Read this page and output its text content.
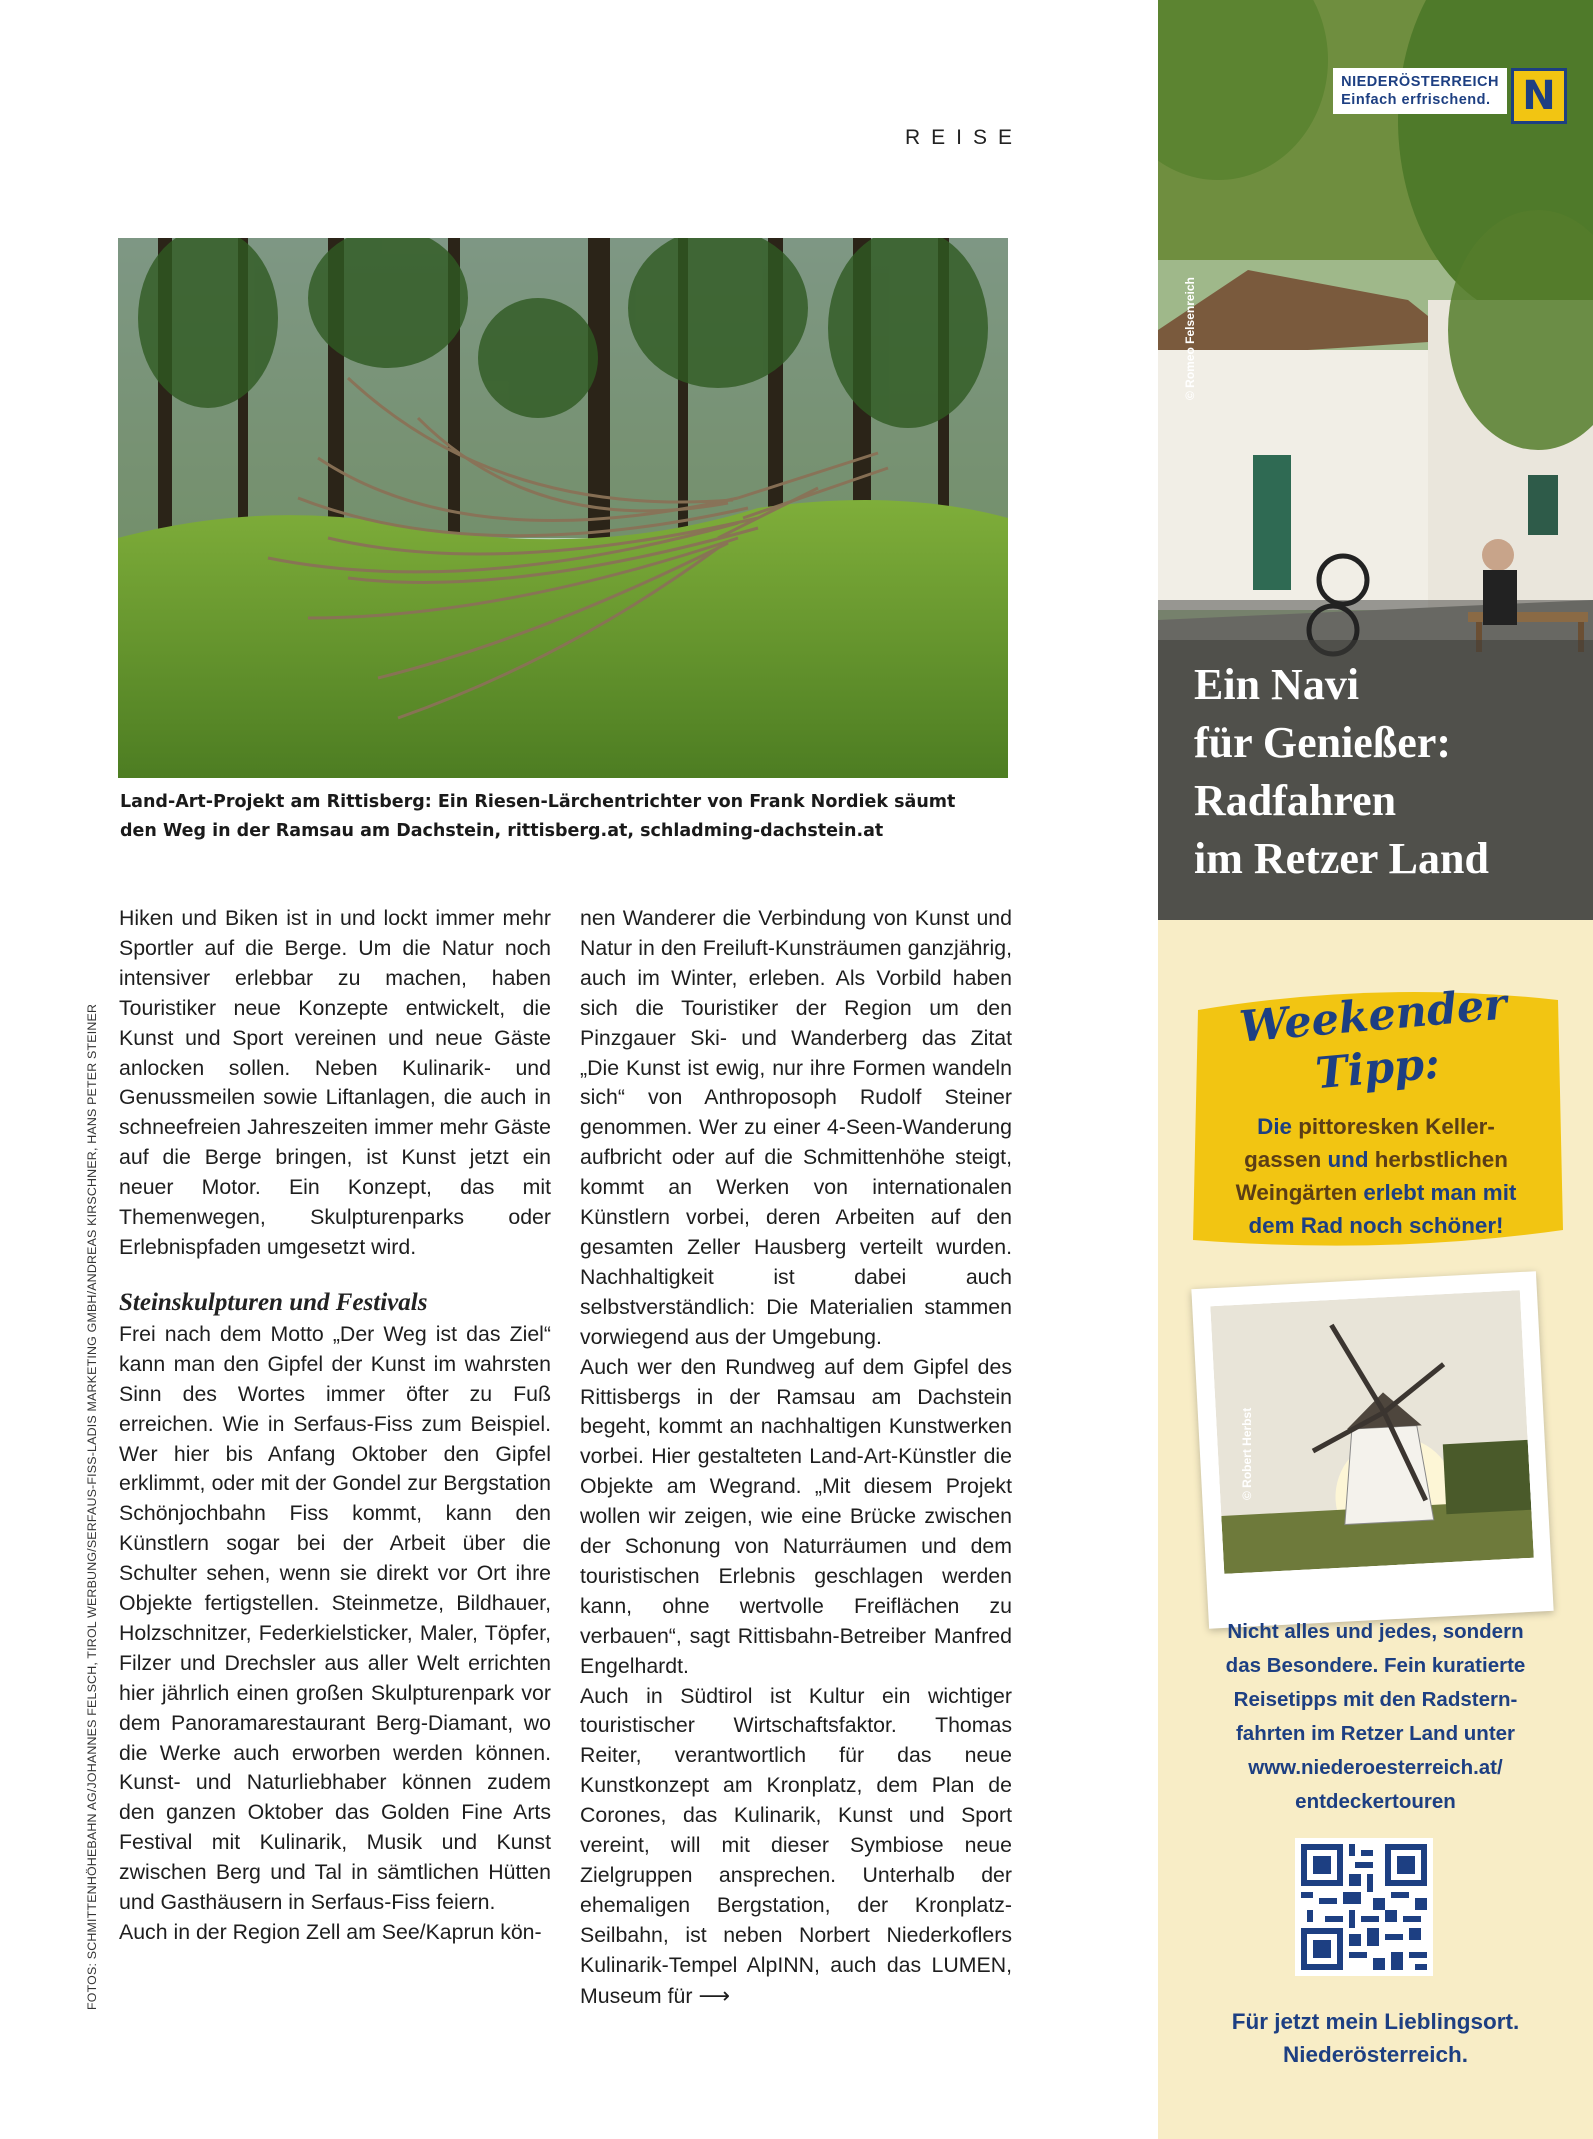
REISE
Land-Art-Projekt am Rittisberg: Ein Riesen-Lärchentrichter von Frank Nordiek säumt
den Weg in der Ramsau am Dachstein, rittisberg.at, schladming-dachstein.at
FOTOS: SCHMITTENHÖHEBAHN AG/JOHANNES FELSCH, TIROL WERBUNG/SERFAUS-FISS-LADIS MARKETING GMBH/ANDREAS KIRSCHNER, HANS PETER STEINER

Hiken und Biken ist in und lockt immer mehr Sportler auf die Berge. Um die Natur noch intensiver erlebbar zu machen, haben Touristiker neue Konzepte entwickelt, die Kunst und Sport vereinen und neue Gäste anlocken sollen. Neben Kulinarik- und Genussmeilen sowie Liftanlagen, die auch in schneefreien Jahreszeiten immer mehr Gäste auf die Berge bringen, ist Kunst jetzt ein neuer Motor. Ein Konzept, das mit Themenwegen, Skulpturenparks oder Erlebnispfaden umgesetzt wird.

Steinskulpturen und Festivals

Frei nach dem Motto „Der Weg ist das Ziel“ kann man den Gipfel der Kunst im wahrsten Sinn des Wortes immer öfter zu Fuß erreichen. Wie in Serfaus-Fiss zum Beispiel. Wer hier bis Anfang Oktober den Gipfel erklimmt, oder mit der Gondel zur Bergstation Schönjochbahn Fiss kommt, kann den Künstlern sogar bei der Arbeit über die Schulter sehen, wenn sie direkt vor Ort ihre Objekte fertigstellen. Steinmetze, Bildhauer, Holzschnitzer, Federkielsticker, Maler, Töpfer, Filzer und Drechsler aus aller Welt errichten hier jährlich einen großen Skulpturenpark vor dem Panoramarestaurant Berg-Diamant, wo die Werke auch erworben werden können. Kunst- und Naturliebhaber können zudem den ganzen Oktober das Golden Fine Arts Festival mit Kulinarik, Musik und Kunst zwischen Berg und Tal in sämtlichen Hütten und Gasthäusern in Serfaus-Fiss feiern.

Auch in der Region Zell am See/Kaprun kön-

nen Wanderer die Verbindung von Kunst und Natur in den Freiluft-Kunsträumen ganzjährig, auch im Winter, erleben. Als Vorbild haben sich die Touristiker der Region um den Pinzgauer Ski- und Wanderberg das Zitat „Die Kunst ist ewig, nur ihre Formen wandeln sich“ von Anthroposoph Rudolf Steiner genommen. Wer zu einer 4-Seen-Wanderung aufbricht oder auf die Schmittenhöhe steigt, kommt an Werken von internationalen Künstlern vorbei, deren Arbeiten auf den gesamten Zeller Hausberg verteilt wurden. Nachhaltigkeit ist dabei auch selbstverständlich: Die Materialien stammen vorwiegend aus der Umgebung.

Auch wer den Rundweg auf dem Gipfel des Rittisbergs in der Ramsau am Dachstein begeht, kommt an nachhaltigen Kunstwerken vorbei. Hier gestalteten Land-Art-Künstler die Objekte am Wegrand. „Mit diesem Projekt wollen wir zeigen, wie eine Brücke zwischen der Schonung von Naturräumen und dem touristischen Erlebnis geschlagen werden kann, ohne wertvolle Freiflächen zu verbauen“, sagt Rittisbahn-Betreiber Manfred Engelhardt.

Auch in Südtirol ist Kultur ein wichtiger touristischer Wirtschaftsfaktor. Thomas Reiter, verantwortlich für das neue Kunstkonzept am Kronplatz, dem Plan de Corones, das Kulinarik, Kunst und Sport vereint, will mit dieser Symbiose neue Zielgruppen ansprechen. Unterhalb der ehemaligen Bergstation, der Kronplatz-Seilbahn, ist neben Norbert Niederkoflers Kulinarik-Tempel AlpINN, auch das LUMEN, Museum für ⟶

NIEDERÖSTERREICH
Einfach erfrischend. N
Ein Navi
für Genießer:
Radfahren
im Retzer Land
Weekender
Tipp:
Die pittoresken Keller-
gassen und herbstlichen
Weingärten erlebt man mit
dem Rad noch schöner!
Nicht alles und jedes, sondern
das Besondere. Fein kuratierte
Reisetipps mit den Radstern-
fahrten im Retzer Land unter
www.niederoesterreich.at/
entdeckertouren
Für jetzt mein Lieblingsort.
Niederösterreich.
© Romeo Felsenreich
© Robert Herbst
